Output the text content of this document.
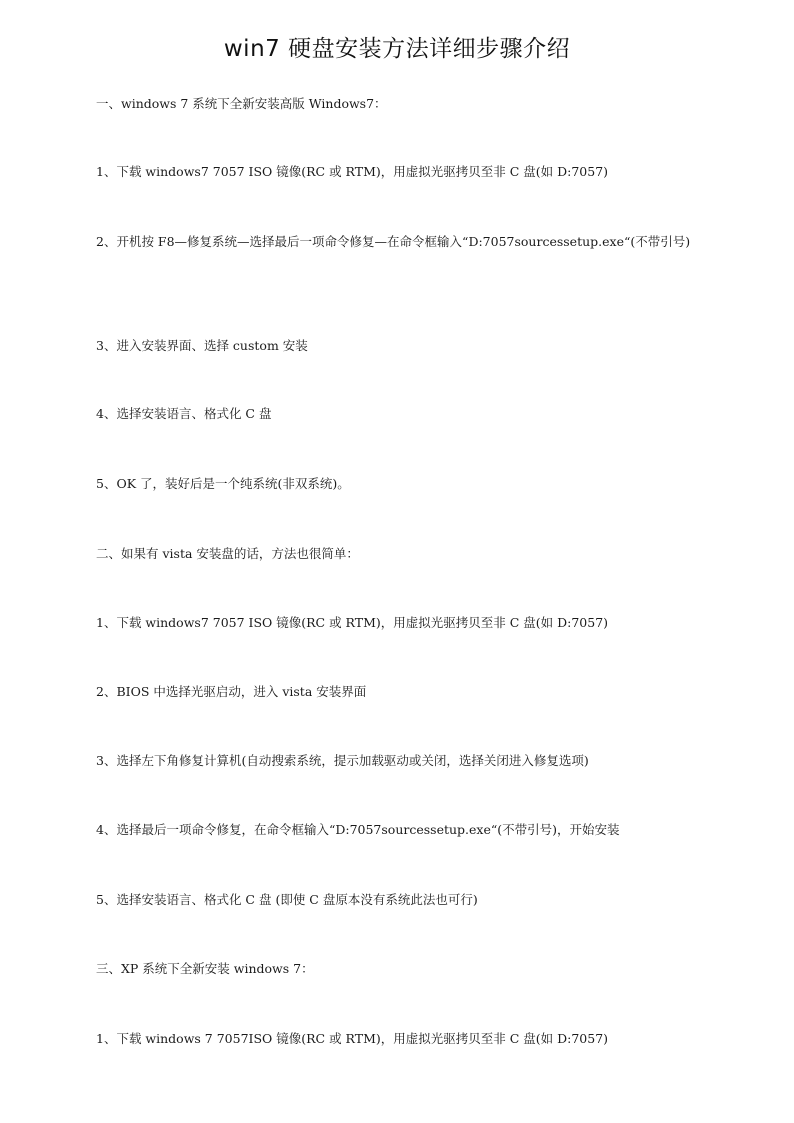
win7 硬盘安装方法详细步骤介绍
一、windows 7 系统下全新安装高版 Windows7：
1、下载 windows7 7057 ISO 镜像(RC 或 RTM)，用虚拟光驱拷贝至非 C 盘(如 D:7057)
2、开机按 F8—修复系统—选择最后一项命令修复—在命令框输入“D:7057sourcessetup.exe“(不带引号)
3、进入安装界面、选择 custom 安装
4、选择安装语言、格式化 C 盘
5、OK 了，装好后是一个纯系统(非双系统)。
二、如果有 vista 安装盘的话，方法也很简单：
1、下载 windows7 7057 ISO 镜像(RC 或 RTM)，用虚拟光驱拷贝至非 C 盘(如 D:7057)
2、BIOS 中选择光驱启动，进入 vista 安装界面
3、选择左下角修复计算机(自动搜索系统，提示加载驱动或关闭，选择关闭进入修复选项)
4、选择最后一项命令修复，在命令框输入“D:7057sourcessetup.exe“(不带引号)，开始安装
5、选择安装语言、格式化 C 盘 (即使 C 盘原本没有系统此法也可行)
三、XP 系统下全新安装 windows 7：
1、下载 windows 7 7057ISO 镜像(RC 或 RTM)，用虚拟光驱拷贝至非 C 盘(如 D:7057)
